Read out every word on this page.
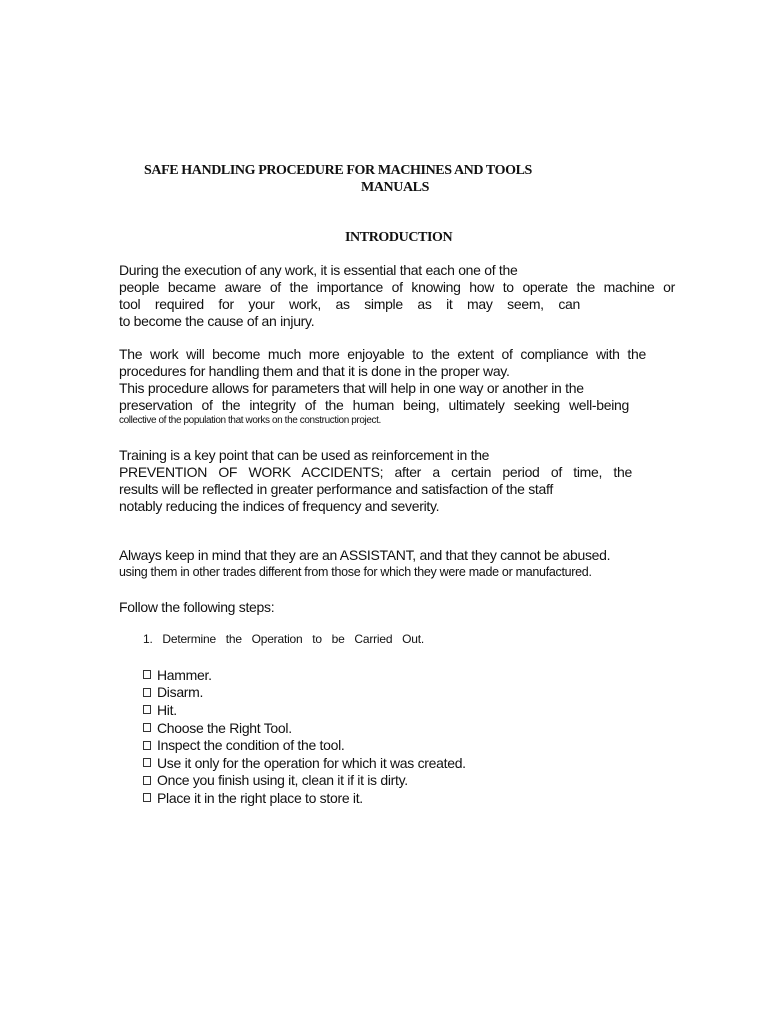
SAFE HANDLING PROCEDURE FOR MACHINES AND TOOLS
MANUALS
INTRODUCTION
During the execution of any work, it is essential that each one of the
people became aware of the importance of knowing how to operate the machine or
tool required for your work, as simple as it may seem, can
to become the cause of an injury.
The work will become much more enjoyable to the extent of compliance with the
procedures for handling them and that it is done in the proper way.
This procedure allows for parameters that will help in one way or another in the
preservation of the integrity of the human being, ultimately seeking well-being
collective of the population that works on the construction project.
Training is a key point that can be used as reinforcement in the
PREVENTION OF WORK ACCIDENTS; after a certain period of time, the
results will be reflected in greater performance and satisfaction of the staff
notably reducing the indices of frequency and severity.
Always keep in mind that they are an ASSISTANT, and that they cannot be abused.
using them in other trades different from those for which they were made or manufactured.
Follow the following steps:
1. Determine the Operation to be Carried Out.
Hammer.
Disarm.
Hit.
Choose the Right Tool.
Inspect the condition of the tool.
Use it only for the operation for which it was created.
Once you finish using it, clean it if it is dirty.
Place it in the right place to store it.
